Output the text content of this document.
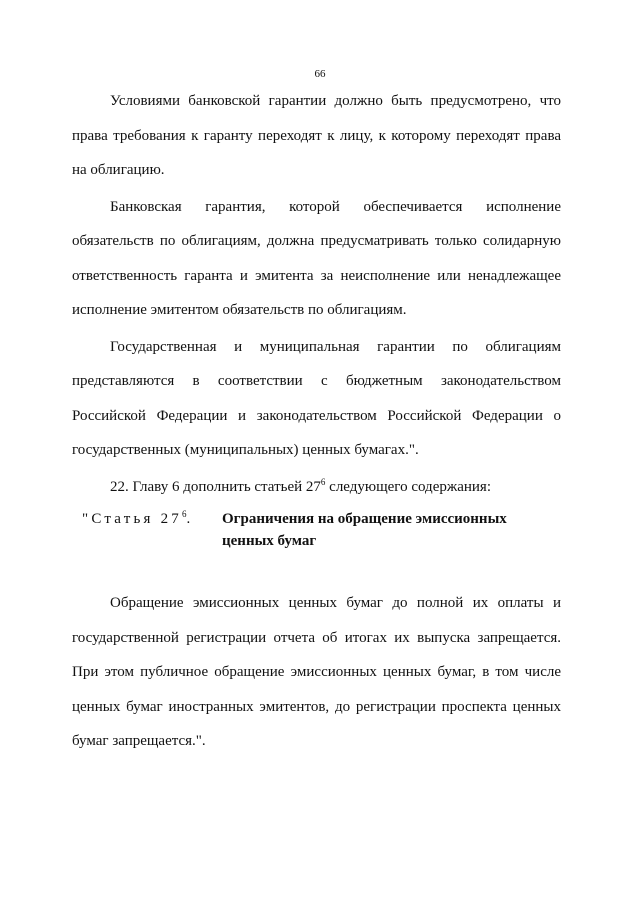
66

Условиями банковской гарантии должно быть предусмотрено, что права требования к гаранту переходят к лицу, к которому переходят права на облигацию.

Банковская гарантия, которой обеспечивается исполнение обязательств по облигациям, должна предусматривать только солидарную ответственность гаранта и эмитента за неисполнение или ненадлежащее исполнение эмитентом обязательств по облигациям.

Государственная и муниципальная гарантии по облигациям представляются в соответствии с бюджетным законодательством Российской Федерации и законодательством Российской Федерации о государственных (муниципальных) ценных бумагах.".

22. Главу 6 дополнить статьей $27^6$ следующего содержания:

"Статья $27^6$. Ограничения на обращение эмиссионных ценных бумаг

Обращение эмиссионных ценных бумаг до полной их оплаты и государственной регистрации отчета об итогах их выпуска запрещается. При этом публичное обращение эмиссионных ценных бумаг, в том числе ценных бумаг иностранных эмитентов, до регистрации проспекта ценных бумаг запрещается.".
